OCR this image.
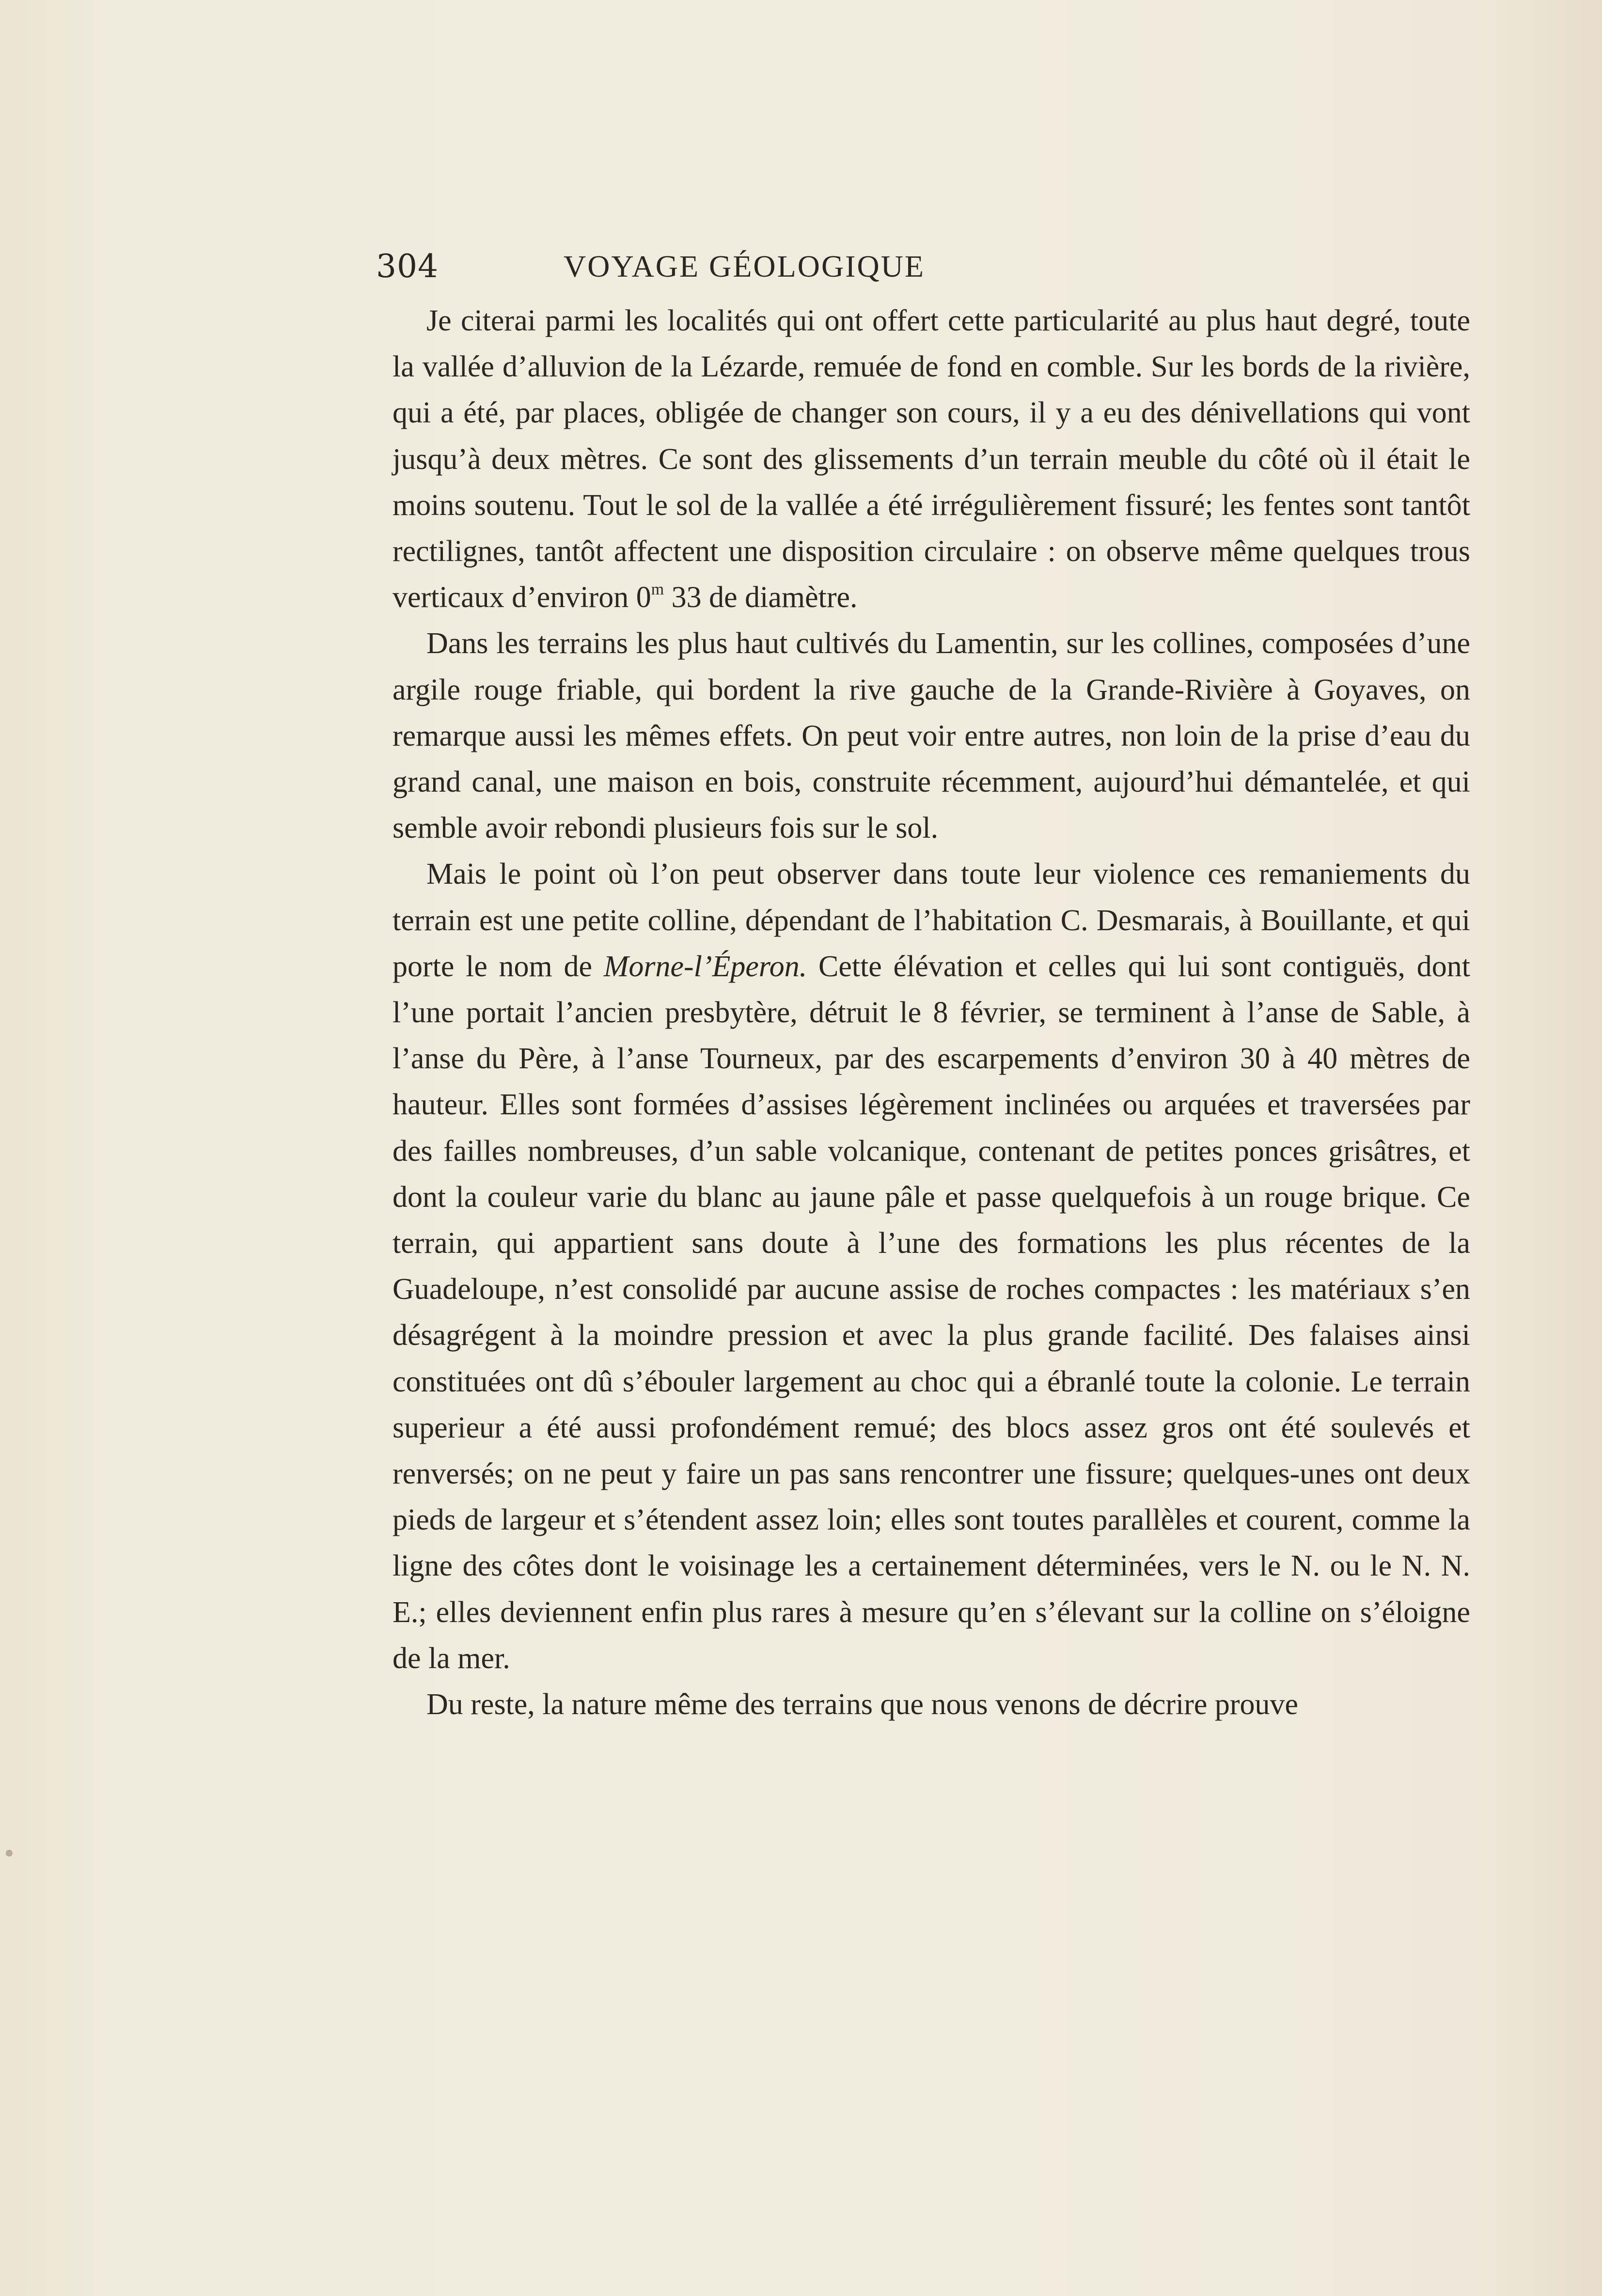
304	VOYAGE GÉOLOGIQUE

Je citerai parmi les localités qui ont offert cette particularité au plus haut degré, toute la vallée d’alluvion de la Lézarde, remuée de fond en comble. Sur les bords de la rivière, qui a été, par places, obligée de changer son cours, il y a eu des dénivellations qui vont jusqu’à deux mètres. Ce sont des glissements d’un terrain meuble du côté où il était le moins soutenu. Tout le sol de la vallée a été irrégulièrement fissuré; les fentes sont tantôt rectilignes, tantôt affectent une disposition circulaire : on observe même quelques trous verticaux d’environ 0$^m$ 33 de diamètre.

Dans les terrains les plus haut cultivés du Lamentin, sur les collines, composées d’une argile rouge friable, qui bordent la rive gauche de la Grande-Rivière à Goyaves, on remarque aussi les mêmes effets. On peut voir entre autres, non loin de la prise d’eau du grand canal, une maison en bois, construite récemment, aujourd’hui démantelée, et qui semble avoir rebondi plusieurs fois sur le sol.

Mais le point où l’on peut observer dans toute leur violence ces remaniements du terrain est une petite colline, dépendant de l’habitation C. Desmarais, à Bouillante, et qui porte le nom de Morne-l’Éperon. Cette élévation et celles qui lui sont contiguës, dont l’une portait l’ancien presbytère, détruit le 8 février, se terminent à l’anse de Sable, à l’anse du Père, à l’anse Tourneux, par des escarpements d’environ 30 à 40 mètres de hauteur. Elles sont formées d’assises légèrement inclinées ou arquées et traversées par des failles nombreuses, d’un sable volcanique, contenant de petites ponces grisâtres, et dont la couleur varie du blanc au jaune pâle et passe quelquefois à un rouge brique. Ce terrain, qui appartient sans doute à l’une des formations les plus récentes de la Guadeloupe, n’est consolidé par aucune assise de roches compactes : les matériaux s’en désagrégent à la moindre pression et avec la plus grande facilité. Des falaises ainsi constituées ont dû s’ébouler largement au choc qui a ébranlé toute la colonie. Le terrain superieur a été aussi profondément remué; des blocs assez gros ont été soulevés et renversés; on ne peut y faire un pas sans rencontrer une fissure; quelques-unes ont deux pieds de largeur et s’étendent assez loin; elles sont toutes parallèles et courent, comme la ligne des côtes dont le voisinage les a certainement déterminées, vers le N. ou le N. N. E.; elles deviennent enfin plus rares à mesure qu’en s’élevant sur la colline on s’éloigne de la mer.

Du reste, la nature même des terrains que nous venons de décrire prouve
